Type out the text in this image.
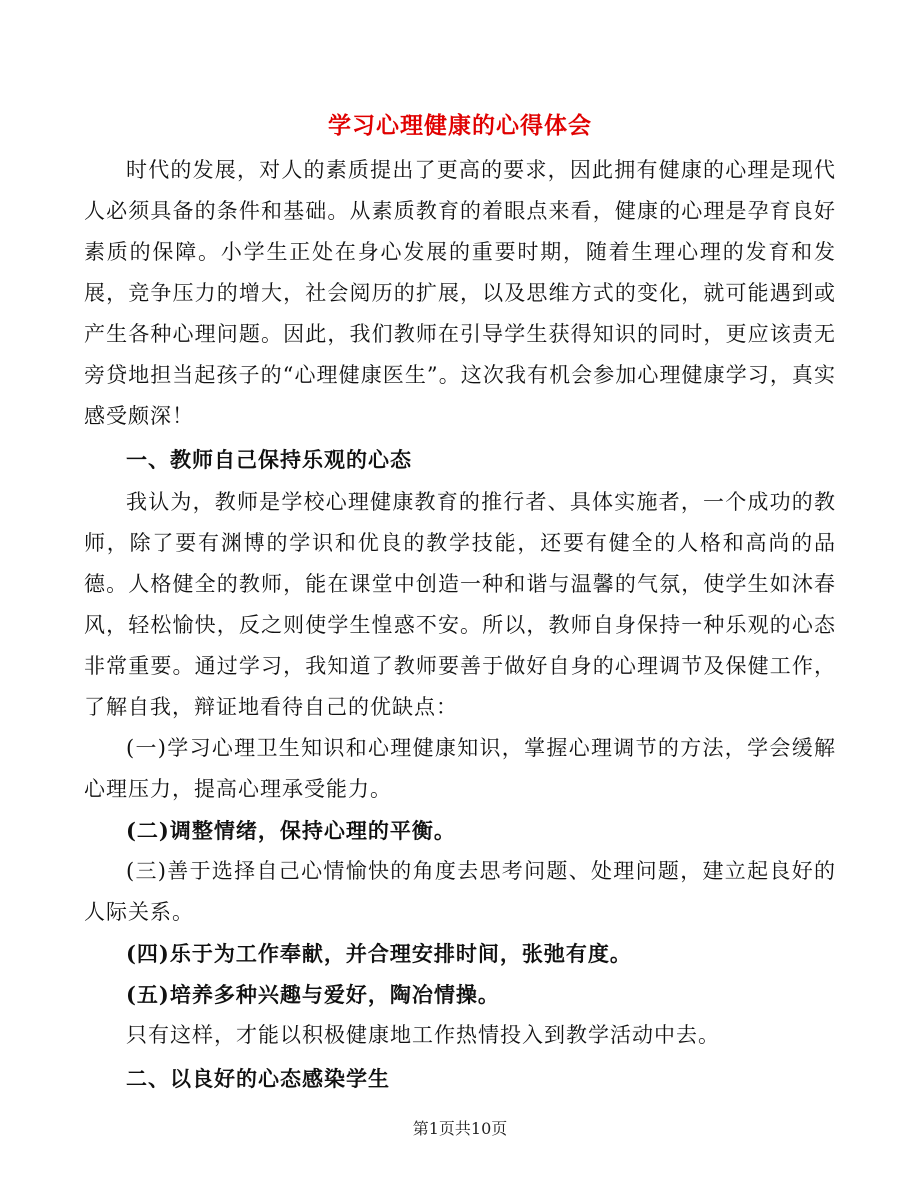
学习心理健康的心得体会

时代的发展，对人的素质提出了更高的要求，因此拥有健康的心理是现代人必须具备的条件和基础。从素质教育的着眼点来看，健康的心理是孕育良好素质的保障。小学生正处在身心发展的重要时期，随着生理心理的发育和发展，竞争压力的增大，社会阅历的扩展，以及思维方式的变化，就可能遇到或产生各种心理问题。因此，我们教师在引导学生获得知识的同时，更应该责无旁贷地担当起孩子的“心理健康医生”。这次我有机会参加心理健康学习，真实感受颇深！

一、教师自己保持乐观的心态

我认为，教师是学校心理健康教育的推行者、具体实施者，一个成功的教师，除了要有渊博的学识和优良的教学技能，还要有健全的人格和高尚的品德。人格健全的教师，能在课堂中创造一种和谐与温馨的气氛，使学生如沐春风，轻松愉快，反之则使学生惶惑不安。所以，教师自身保持一种乐观的心态非常重要。通过学习，我知道了教师要善于做好自身的心理调节及保健工作，了解自我，辩证地看待自己的优缺点：

(一)学习心理卫生知识和心理健康知识，掌握心理调节的方法，学会缓解心理压力，提高心理承受能力。

(二)调整情绪，保持心理的平衡。

(三)善于选择自己心情愉快的角度去思考问题、处理问题，建立起良好的人际关系。

(四)乐于为工作奉献，并合理安排时间，张弛有度。

(五)培养多种兴趣与爱好，陶冶情操。

只有这样，才能以积极健康地工作热情投入到教学活动中去。

二、以良好的心态感染学生

第1页共10页
